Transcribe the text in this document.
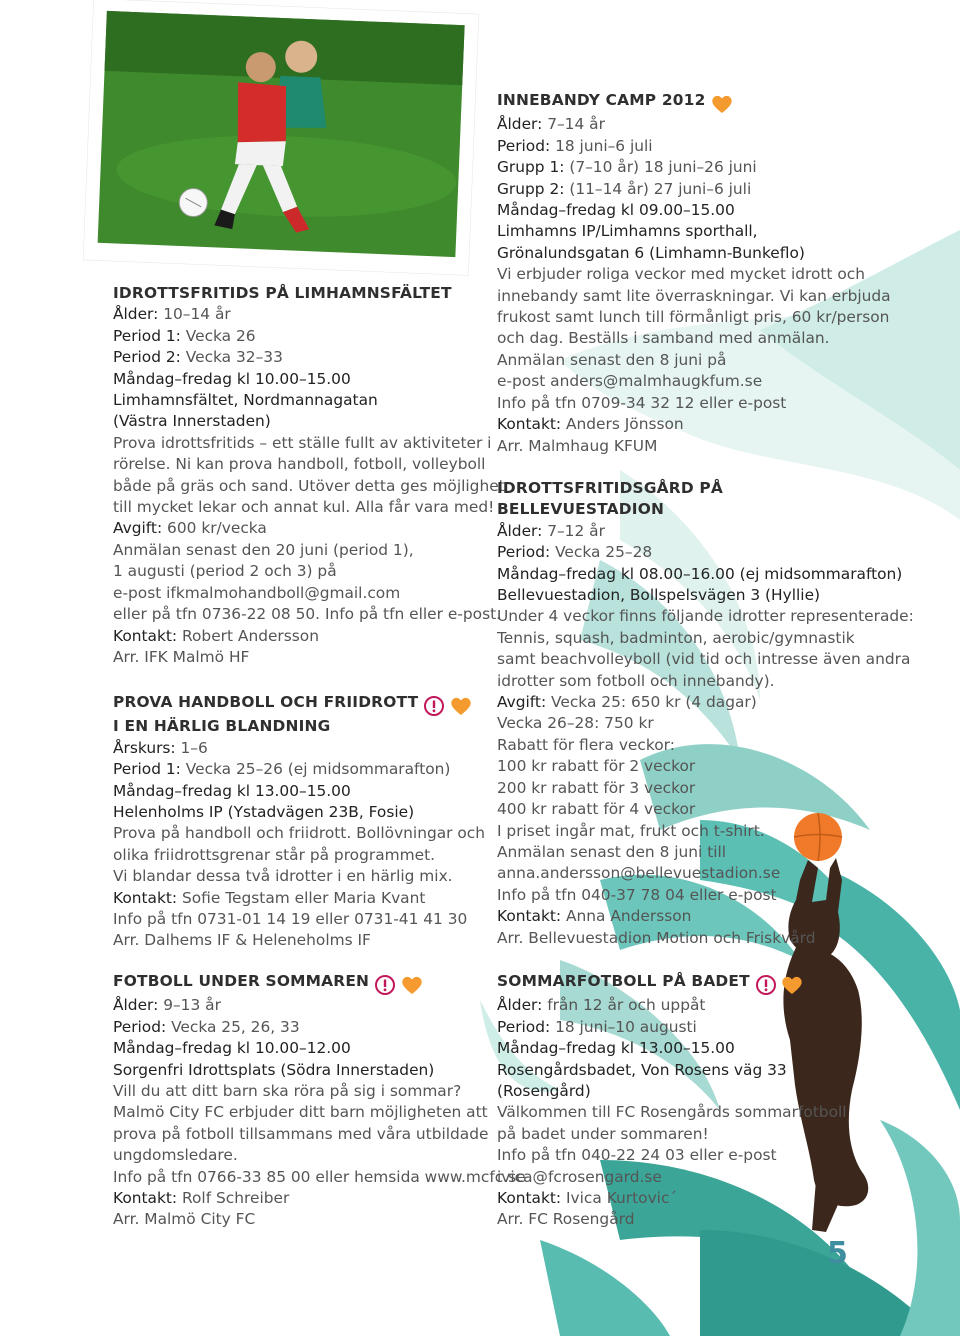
IDROTTSFRITIDS PÅ LIMHAMNSFÄLTET
Ålder: 10–14 år
Period 1: Vecka 26
Period 2: Vecka 32–33
Måndag–fredag kl 10.00–15.00
Limhamnsfältet, Nordmannagatan
(Västra Innerstaden)
Prova idrottsfritids – ett ställe fullt av aktiviteter i
rörelse. Ni kan prova handboll, fotboll, volleyboll
både på gräs och sand. Utöver detta ges möjlighet
till mycket lekar och annat kul. Alla får vara med!
Avgift: 600 kr/vecka
Anmälan senast den 20 juni (period 1),
1 augusti (period 2 och 3) på
e-post ifkmalmohandboll@gmail.com
eller på tfn 0736-22 08 50. Info på tfn eller e-post.
Kontakt: Robert Andersson
Arr. IFK Malmö HF
PROVA HANDBOLL OCH FRIIDROTT
I EN HÄRLIG BLANDNING
Årskurs: 1–6
Period 1: Vecka 25–26 (ej midsommarafton)
Måndag–fredag kl 13.00–15.00
Helenholms IP (Ystadvägen 23B, Fosie)
Prova på handboll och friidrott. Bollövningar och
olika friidrottsgrenar står på programmet.
Vi blandar dessa två idrotter i en härlig mix.
Kontakt: Sofie Tegstam eller Maria Kvant
Info på tfn 0731-01 14 19 eller 0731-41 41 30
Arr. Dalhems IF & Heleneholms IF
FOTBOLL UNDER SOMMAREN
Ålder: 9–13 år
Period: Vecka 25, 26, 33
Måndag–fredag kl 10.00–12.00
Sorgenfri Idrottsplats (Södra Innerstaden)
Vill du att ditt barn ska röra på sig i sommar?
Malmö City FC erbjuder ditt barn möjligheten att
prova på fotboll tillsammans med våra utbildade
ungdomsledare.
Info på tfn 0766-33 85 00 eller hemsida www.mcfc.se
Kontakt: Rolf Schreiber
Arr. Malmö City FC
INNEBANDY CAMP 2012
Ålder: 7–14 år
Period: 18 juni–6 juli
Grupp 1: (7–10 år) 18 juni–26 juni
Grupp 2: (11–14 år) 27 juni–6 juli
Måndag–fredag kl 09.00–15.00
Limhamns IP/Limhamns sporthall,
Grönalundsgatan 6 (Limhamn-Bunkeflo)
Vi erbjuder roliga veckor med mycket idrott och
innebandy samt lite överraskningar. Vi kan erbjuda
frukost samt lunch till förmånligt pris, 60 kr/person
och dag. Beställs i samband med anmälan.
Anmälan senast den 8 juni på
e-post anders@malmhaugkfum.se
Info på tfn 0709-34 32 12 eller e-post
Kontakt: Anders Jönsson
Arr. Malmhaug KFUM
IDROTTSFRITIDSGÅRD PÅ
BELLEVUESTADION
Ålder: 7–12 år
Period: Vecka 25–28
Måndag–fredag kl 08.00–16.00 (ej midsommarafton)
Bellevuestadion, Bollspelsvägen 3 (Hyllie)
Under 4 veckor finns följande idrotter representerade:
Tennis, squash, badminton, aerobic/gymnastik
samt beachvolleyboll (vid tid och intresse även andra
idrotter som fotboll och innebandy).
Avgift: Vecka 25: 650 kr (4 dagar)
Vecka 26–28: 750 kr
Rabatt för flera veckor:
100 kr rabatt för 2 veckor
200 kr rabatt för 3 veckor
400 kr rabatt för 4 veckor
I priset ingår mat, frukt och t-shirt.
Anmälan senast den 8 juni till
anna.andersson@bellevuestadion.se
Info på tfn 040-37 78 04 eller e-post
Kontakt: Anna Andersson
Arr. Bellevuestadion Motion och Friskvård
SOMMARFOTBOLL PÅ BADET
Ålder: från 12 år och uppåt
Period: 18 juni–10 augusti
Måndag–fredag kl 13.00–15.00
Rosengårdsbadet, Von Rosens väg 33
(Rosengård)
Välkommen till FC Rosengårds sommarfotboll
på badet under sommaren!
Info på tfn 040-22 24 03 eller e-post
ivica@fcrosengard.se
Kontakt: Ivica Kurtovic´
Arr. FC Rosengård
5
